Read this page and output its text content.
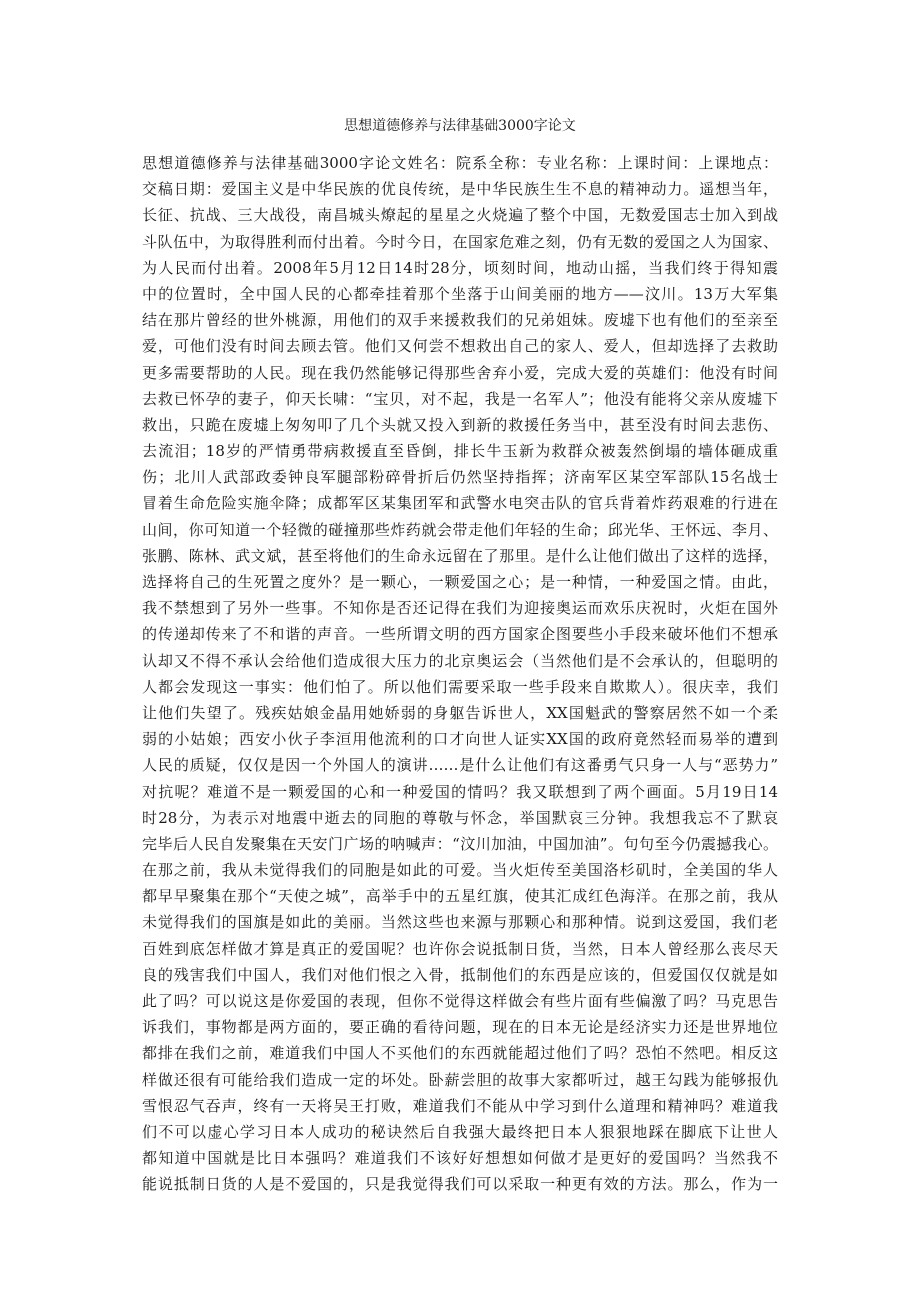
思想道德修养与法律基础3000字论文
思想道德修养与法律基础3000字论文姓名：院系全称：专业名称：上课时间：上课地点：
交稿日期：爱国主义是中华民族的优良传统，是中华民族生生不息的精神动力。遥想当年，
长征、抗战、三大战役，南昌城头燎起的星星之火烧遍了整个中国，无数爱国志士加入到战
斗队伍中，为取得胜利而付出着。今时今日，在国家危难之刻，仍有无数的爱国之人为国家、
为人民而付出着。2008年5月12日14时28分，顷刻时间，地动山摇，当我们终于得知震
中的位置时，全中国人民的心都牵挂着那个坐落于山间美丽的地方——汶川。13万大军集
结在那片曾经的世外桃源，用他们的双手来援救我们的兄弟姐妹。废墟下也有他们的至亲至
爱，可他们没有时间去顾去管。他们又何尝不想救出自己的家人、爱人，但却选择了去救助
更多需要帮助的人民。现在我仍然能够记得那些舍弃小爱，完成大爱的英雄们：他没有时间
去救已怀孕的妻子，仰天长啸：“宝贝，对不起，我是一名军人”；他没有能将父亲从废墟下
救出，只跪在废墟上匆匆叩了几个头就又投入到新的救援任务当中，甚至没有时间去悲伤、
去流泪；18岁的严情勇带病救援直至昏倒，排长牛玉新为救群众被轰然倒塌的墙体砸成重
伤；北川人武部政委钟良军腿部粉碎骨折后仍然坚持指挥；济南军区某空军部队15名战士
冒着生命危险实施伞降；成都军区某集团军和武警水电突击队的官兵背着炸药艰难的行进在
山间，你可知道一个轻微的碰撞那些炸药就会带走他们年轻的生命；邱光华、王怀远、李月、
张鹏、陈林、武文斌，甚至将他们的生命永远留在了那里。是什么让他们做出了这样的选择，
选择将自己的生死置之度外？是一颗心，一颗爱国之心；是一种情，一种爱国之情。由此，
我不禁想到了另外一些事。不知你是否还记得在我们为迎接奥运而欢乐庆祝时，火炬在国外
的传递却传来了不和谐的声音。一些所谓文明的西方国家企图要些小手段来破坏他们不想承
认却又不得不承认会给他们造成很大压力的北京奥运会（当然他们是不会承认的，但聪明的
人都会发现这一事实：他们怕了。所以他们需要采取一些手段来自欺欺人）。很庆幸，我们
让他们失望了。残疾姑娘金晶用她娇弱的身躯告诉世人，XX国魁武的警察居然不如一个柔
弱的小姑娘；西安小伙子李洹用他流利的口才向世人证实XX国的政府竟然轻而易举的遭到
人民的质疑，仅仅是因一个外国人的演讲……是什么让他们有这番勇气只身一人与“恶势力”
对抗呢？难道不是一颗爱国的心和一种爱国的情吗？我又联想到了两个画面。5月19日14
时28分，为表示对地震中逝去的同胞的尊敬与怀念，举国默哀三分钟。我想我忘不了默哀
完毕后人民自发聚集在天安门广场的呐喊声：“汶川加油，中国加油”。句句至今仍震撼我心。
在那之前，我从未觉得我们的同胞是如此的可爱。当火炬传至美国洛杉矶时，全美国的华人
都早早聚集在那个“天使之城”，高举手中的五星红旗，使其汇成红色海洋。在那之前，我从
未觉得我们的国旗是如此的美丽。当然这些也来源与那颗心和那种情。说到这爱国，我们老
百姓到底怎样做才算是真正的爱国呢？也许你会说抵制日货，当然，日本人曾经那么丧尽天
良的残害我们中国人，我们对他们恨之入骨，抵制他们的东西是应该的，但爱国仅仅就是如
此了吗？可以说这是你爱国的表现，但你不觉得这样做会有些片面有些偏激了吗？马克思告
诉我们，事物都是两方面的，要正确的看待问题，现在的日本无论是经济实力还是世界地位
都排在我们之前，难道我们中国人不买他们的东西就能超过他们了吗？恐怕不然吧。相反这
样做还很有可能给我们造成一定的坏处。卧薪尝胆的故事大家都听过，越王勾践为能够报仇
雪恨忍气吞声，终有一天将吴王打败，难道我们不能从中学习到什么道理和精神吗？难道我
们不可以虚心学习日本人成功的秘诀然后自我强大最终把日本人狠狠地踩在脚底下让世人
都知道中国就是比日本强吗？难道我们不该好好想想如何做才是更好的爱国吗？当然我不
能说抵制日货的人是不爱国的，只是我觉得我们可以采取一种更有效的方法。那么，作为一
